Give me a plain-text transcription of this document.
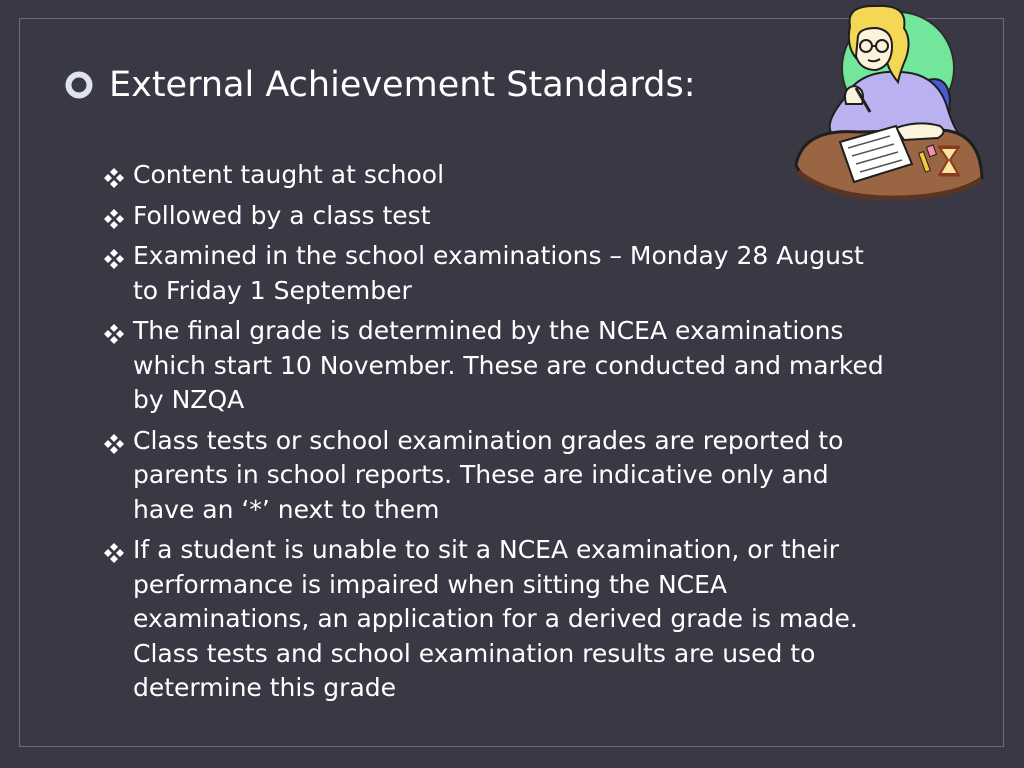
External Achievement Standards:
Content taught at school
Followed by a class test
Examined in the school examinations – Monday 28 August to Friday 1 September
The final grade is determined by the NCEA examinations which start 10 November. These are conducted and marked by NZQA
Class tests or school examination grades are reported to parents in school reports. These are indicative only and have an ‘*’ next to them
If a student is unable to sit a NCEA examination, or their performance is impaired when sitting the NCEA examinations, an application for a derived grade is made. Class tests and school examination results are used to determine this grade
